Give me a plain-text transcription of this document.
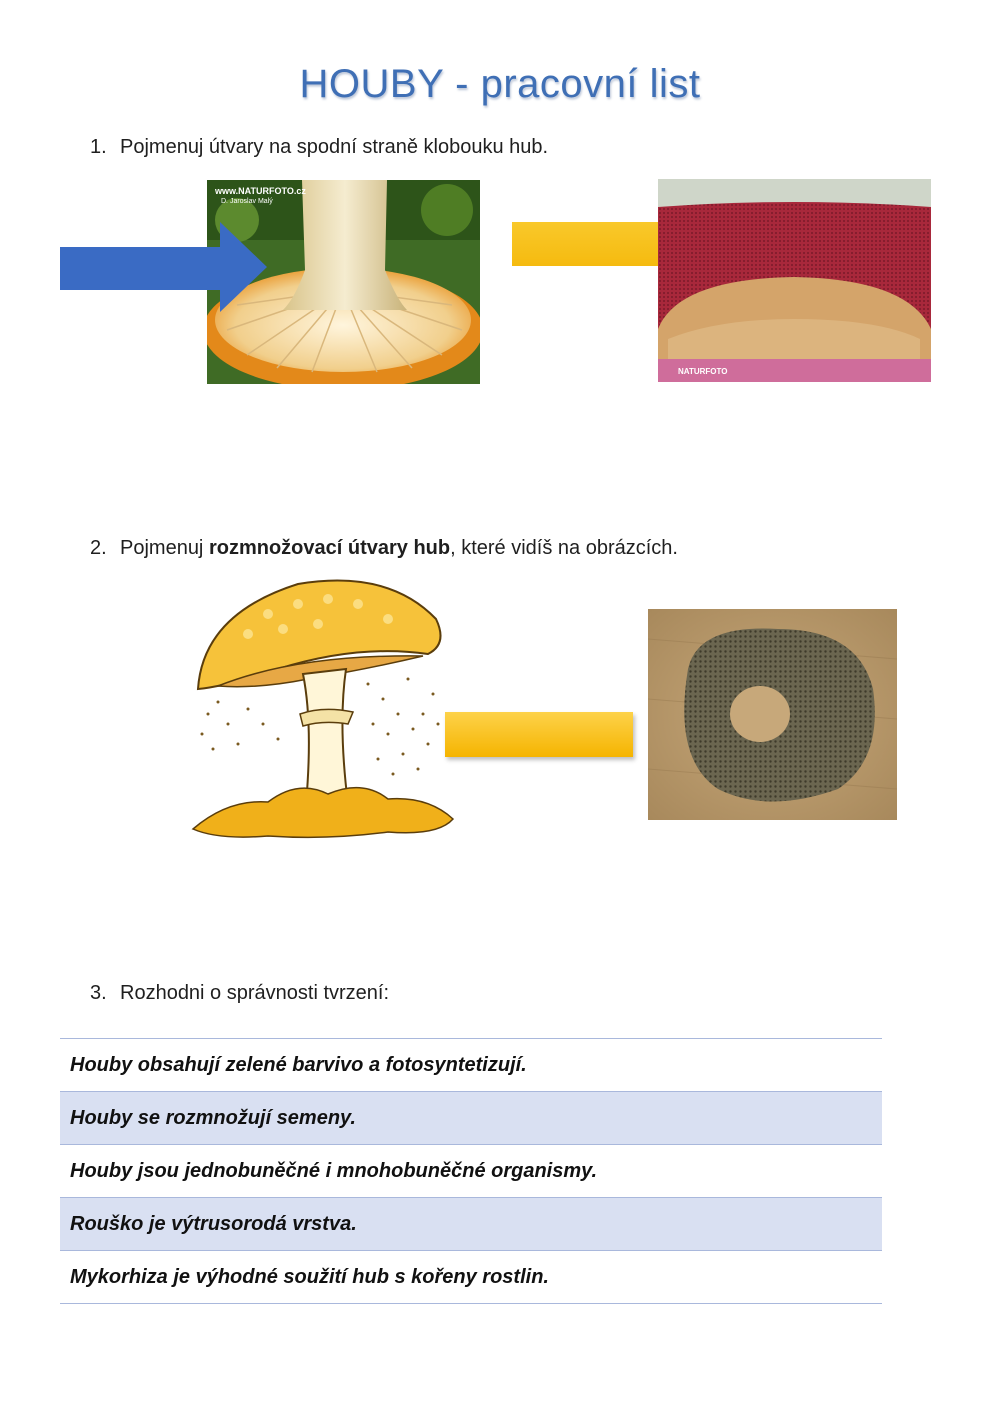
HOUBY - pracovní list
1. Pojmenuj útvary na spodní straně klobouku hub.
www.NATURFOTO.cz
D. Jaroslav Malý
NATURFOTO
2. Pojmenuj rozmnožovací útvary hub, které vidíš na obrázcích.
3. Rozhodni o správnosti tvrzení:
Houby obsahují zelené barvivo a fotosyntetizují.
Houby se rozmnožují semeny.
Houby jsou jednobuněčné i mnohobuněčné organismy.
Rouško je výtrusorodá vrstva.
Mykorhiza je výhodné soužití hub s kořeny rostlin.
